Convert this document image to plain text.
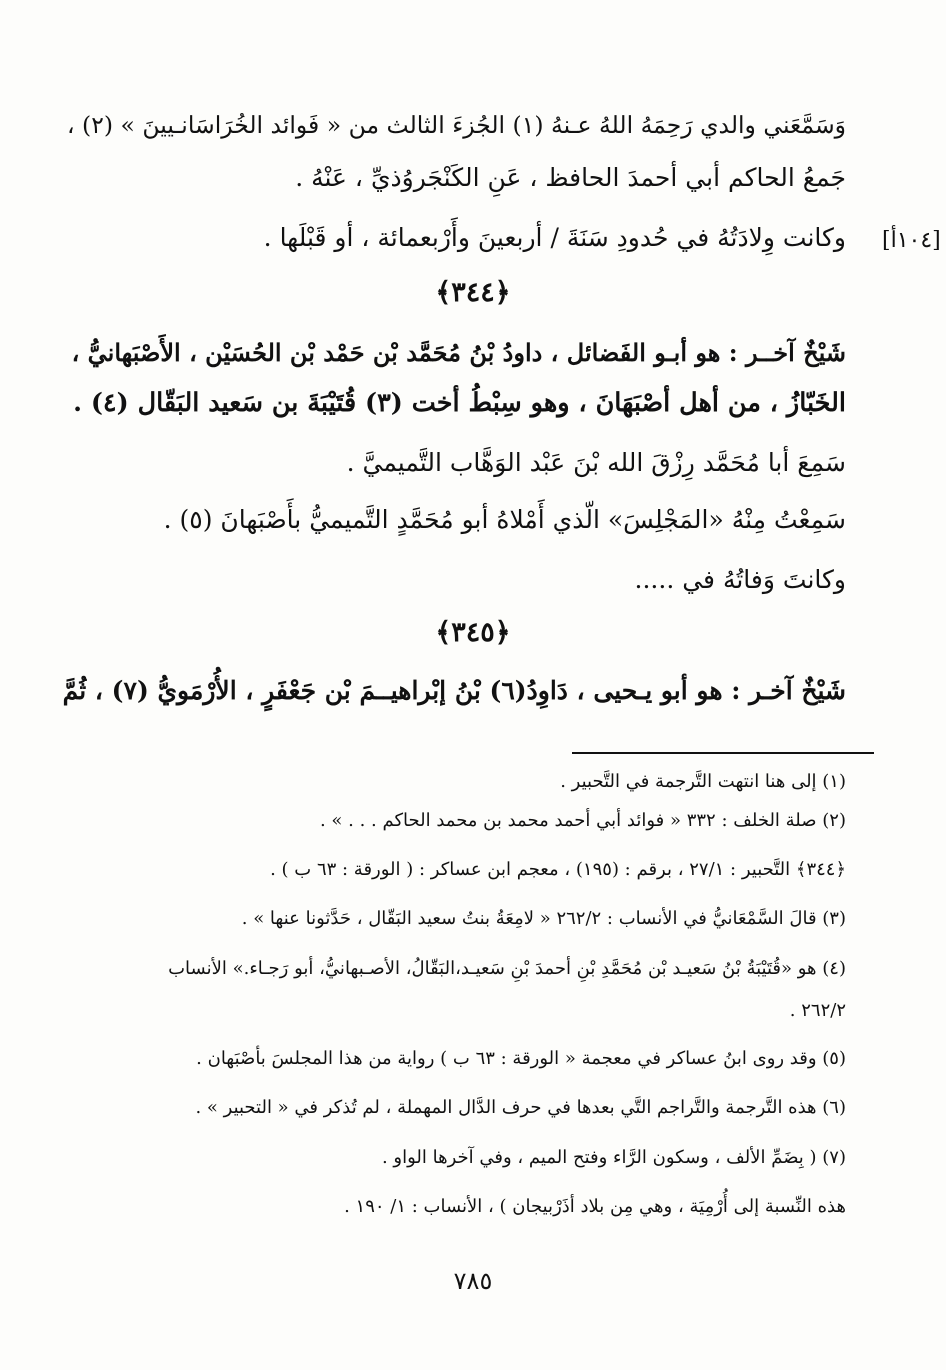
وَسَمَّعَني والدي رَحِمَهُ اللهُ عـنهُ (١) الجُزءَ الثالث من « فَوائد الخُرَاسَانـيينَ » (٢) ،
جَمعُ الحاكم أبي أحمدَ الحافظ ، عَنِ الكَنْجَروُذيِّ ، عَنْهُ .
[١٠٤أ]
وكانت وِلادَتُهُ في حُدودِ سَنَةَ / أربعينَ وأَرْبعمائة ، أو قَبْلَها .
﴿٣٤٤﴾
شَيْخٌ آخــر : هو أبـو الفَضائل ، داودُ بْنُ مُحَمَّد بْن حَمْد بْن الحُسَيْن ، الأَصْبَهانيُّ ،
الخَبّازُ ، من أهل أصْبَهَانَ ، وهو سِبْطُ أخت (٣) قُتَيْبَةَ بن سَعيد البَقّال (٤) .
سَمِعَ أبا مُحَمَّد رِزْقَ الله بْنَ عَبْد الوَهَّاب التَّميميَّ .
سَمِعْتُ مِنْهُ «المَجْلِسَ» الّذي أَمْلاهُ أبو مُحَمَّدٍ التَّميميُّ بأَصْبَهانَ (٥) .
وكانتَ وَفاتُهُ في .....
﴿٣٤٥﴾
شَيْخٌ آخـر : هو أبو يـحيى ، دَاوِدُ(٦) بْنُ إبْراهيــمَ بْن جَعْفَرٍ ، الأُرْمَويُّ (٧) ، ثُمَّ
(١) إلى هنا انتهت التَّرجمة في التَّحبير .
(٢) صلة الخلف : ٣٣٢ « فوائد أبي أحمد محمد بن محمد الحاكم . . . » .
﴿٣٤٤﴾ التَّحبير : ٢٧/١ ، برقم : (١٩٥) ، معجم ابن عساكر : ( الورقة : ٦٣ ب ) .
(٣) قالَ السَّمْعَانيُّ في الأنساب : ٢٦٢/٢ « لامِعَةُ بنتُ سعيد البَقّال ، حَدَّثونا عنها » .
(٤) هو «قُتَيْبَةُ بْنُ سَعيـد بْن مُحَمَّدِ بْنِ أحمدَ بْنِ سَعيـد،البَقّالُ، الأصـبهانيُّ، أبو رَجـاء.» الأنساب
٢٦٢/٢ .
(٥) وقد روى ابنُ عساكر في معجمة « الورقة : ٦٣ ب ) رواية من هذا المجلسَ بأصْبَهان .
(٦) هذه التَّرجمة والتَّراجم التَّي بعدها في حرف الدَّال المهملة ، لم تُذكر في « التحبير » .
(٧) ( بِضَمِّ الألف ، وسكون الرَّاء وفتح الميم ، وفي آخرها الواو .
هذه النِّسبة إلى أُرْمِيَة ، وهي مِن بلاد أذَرْبيجان ) ، الأنساب : ١/ ١٩٠ .
٧٨٥
